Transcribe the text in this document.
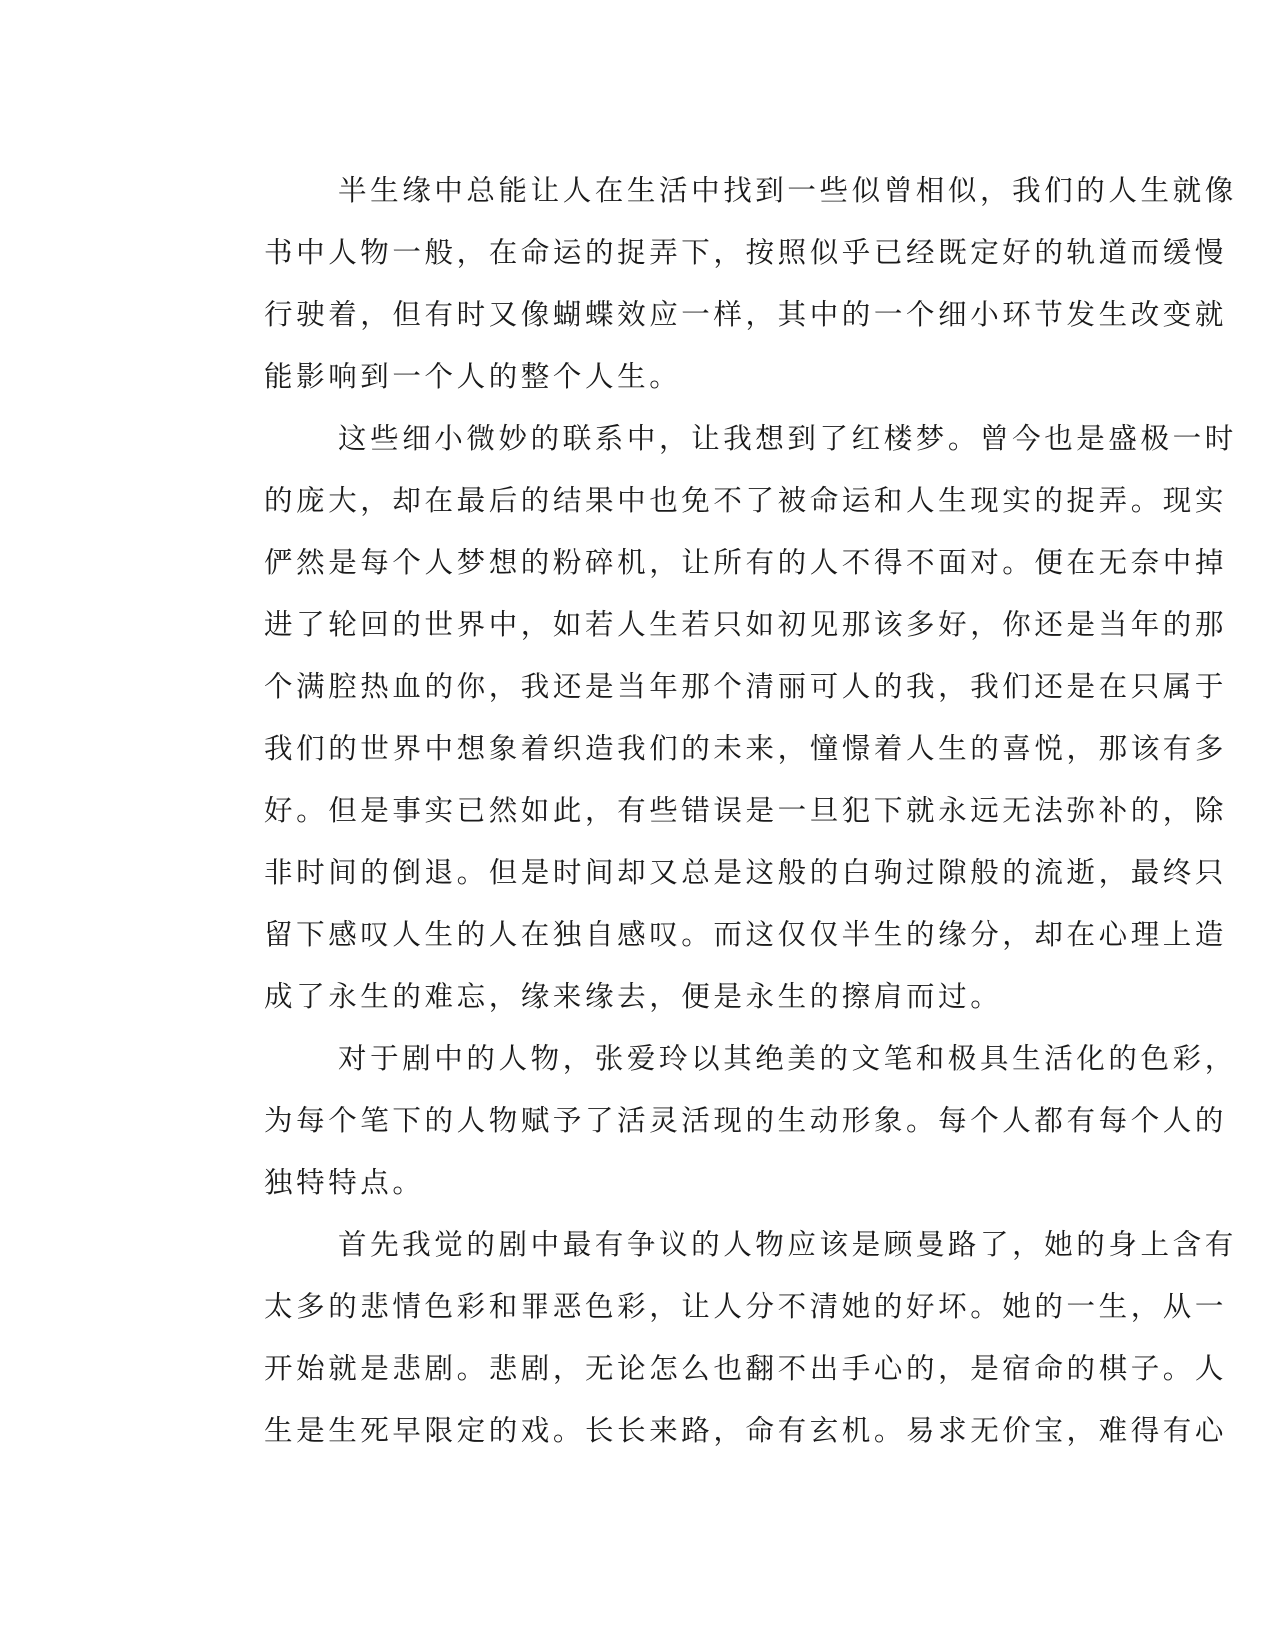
半生缘中总能让人在生活中找到一些似曾相似，我们的人生就像
书中人物一般，在命运的捉弄下，按照似乎已经既定好的轨道而缓慢
行驶着，但有时又像蝴蝶效应一样，其中的一个细小环节发生改变就
能影响到一个人的整个人生。
这些细小微妙的联系中，让我想到了红楼梦。曾今也是盛极一时
的庞大，却在最后的结果中也免不了被命运和人生现实的捉弄。现实
俨然是每个人梦想的粉碎机，让所有的人不得不面对。便在无奈中掉
进了轮回的世界中，如若人生若只如初见那该多好，你还是当年的那
个满腔热血的你，我还是当年那个清丽可人的我，我们还是在只属于
我们的世界中想象着织造我们的未来，憧憬着人生的喜悦，那该有多
好。但是事实已然如此，有些错误是一旦犯下就永远无法弥补的，除
非时间的倒退。但是时间却又总是这般的白驹过隙般的流逝，最终只
留下感叹人生的人在独自感叹。而这仅仅半生的缘分，却在心理上造
成了永生的难忘，缘来缘去，便是永生的擦肩而过。
对于剧中的人物，张爱玲以其绝美的文笔和极具生活化的色彩，
为每个笔下的人物赋予了活灵活现的生动形象。每个人都有每个人的
独特特点。
首先我觉的剧中最有争议的人物应该是顾曼路了，她的身上含有
太多的悲情色彩和罪恶色彩，让人分不清她的好坏。她的一生，从一
开始就是悲剧。悲剧，无论怎么也翻不出手心的，是宿命的棋子。人
生是生死早限定的戏。长长来路，命有玄机。易求无价宝，难得有心
